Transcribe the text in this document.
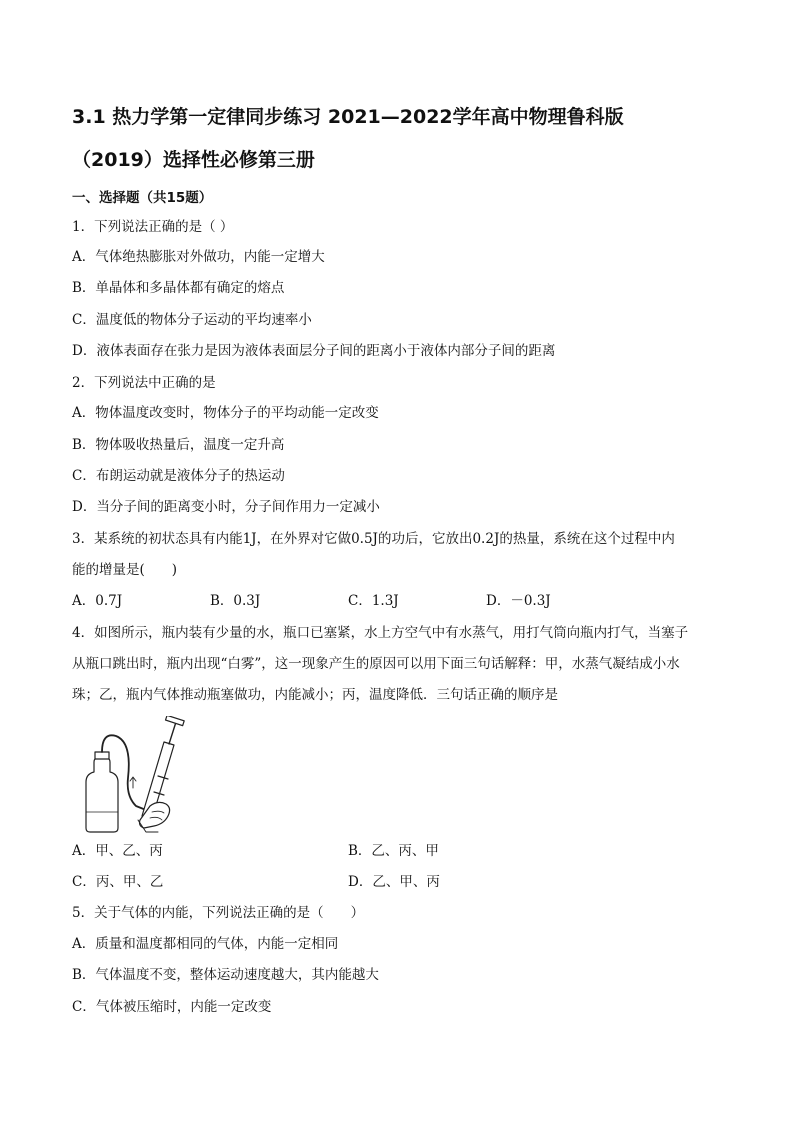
3.1 热力学第一定律同步练习 2021—2022学年高中物理鲁科版
（2019）选择性必修第三册
一、选择题（共15题）
1．下列说法正确的是（ ）
A．气体绝热膨胀对外做功，内能一定增大
B．单晶体和多晶体都有确定的熔点
C．温度低的物体分子运动的平均速率小
D．液体表面存在张力是因为液体表面层分子间的距离小于液体内部分子间的距离
2．下列说法中正确的是
A．物体温度改变时，物体分子的平均动能一定改变
B．物体吸收热量后，温度一定升高
C．布朗运动就是液体分子的热运动
D．当分子间的距离变小时，分子间作用力一定减小
3．某系统的初状态具有内能1J，在外界对它做0.5J的功后，它放出0.2J的热量，系统在这个过程中内
能的增量是(　　)
A．0.7J	B．0.3J	C．1.3J	D．－0.3J
4．如图所示，瓶内装有少量的水，瓶口已塞紧，水上方空气中有水蒸气，用打气筒向瓶内打气，当塞子
从瓶口跳出时，瓶内出现“白雾”，这一现象产生的原因可以用下面三句话解释：甲，水蒸气凝结成小水
珠；乙，瓶内气体推动瓶塞做功，内能减小；丙，温度降低．三句话正确的顺序是
A．甲、乙、丙	B．乙、丙、甲
C．丙、甲、乙	D．乙、甲、丙
5．关于气体的内能，下列说法正确的是（　　）
A．质量和温度都相同的气体，内能一定相同
B．气体温度不变，整体运动速度越大，其内能越大
C．气体被压缩时，内能一定改变
